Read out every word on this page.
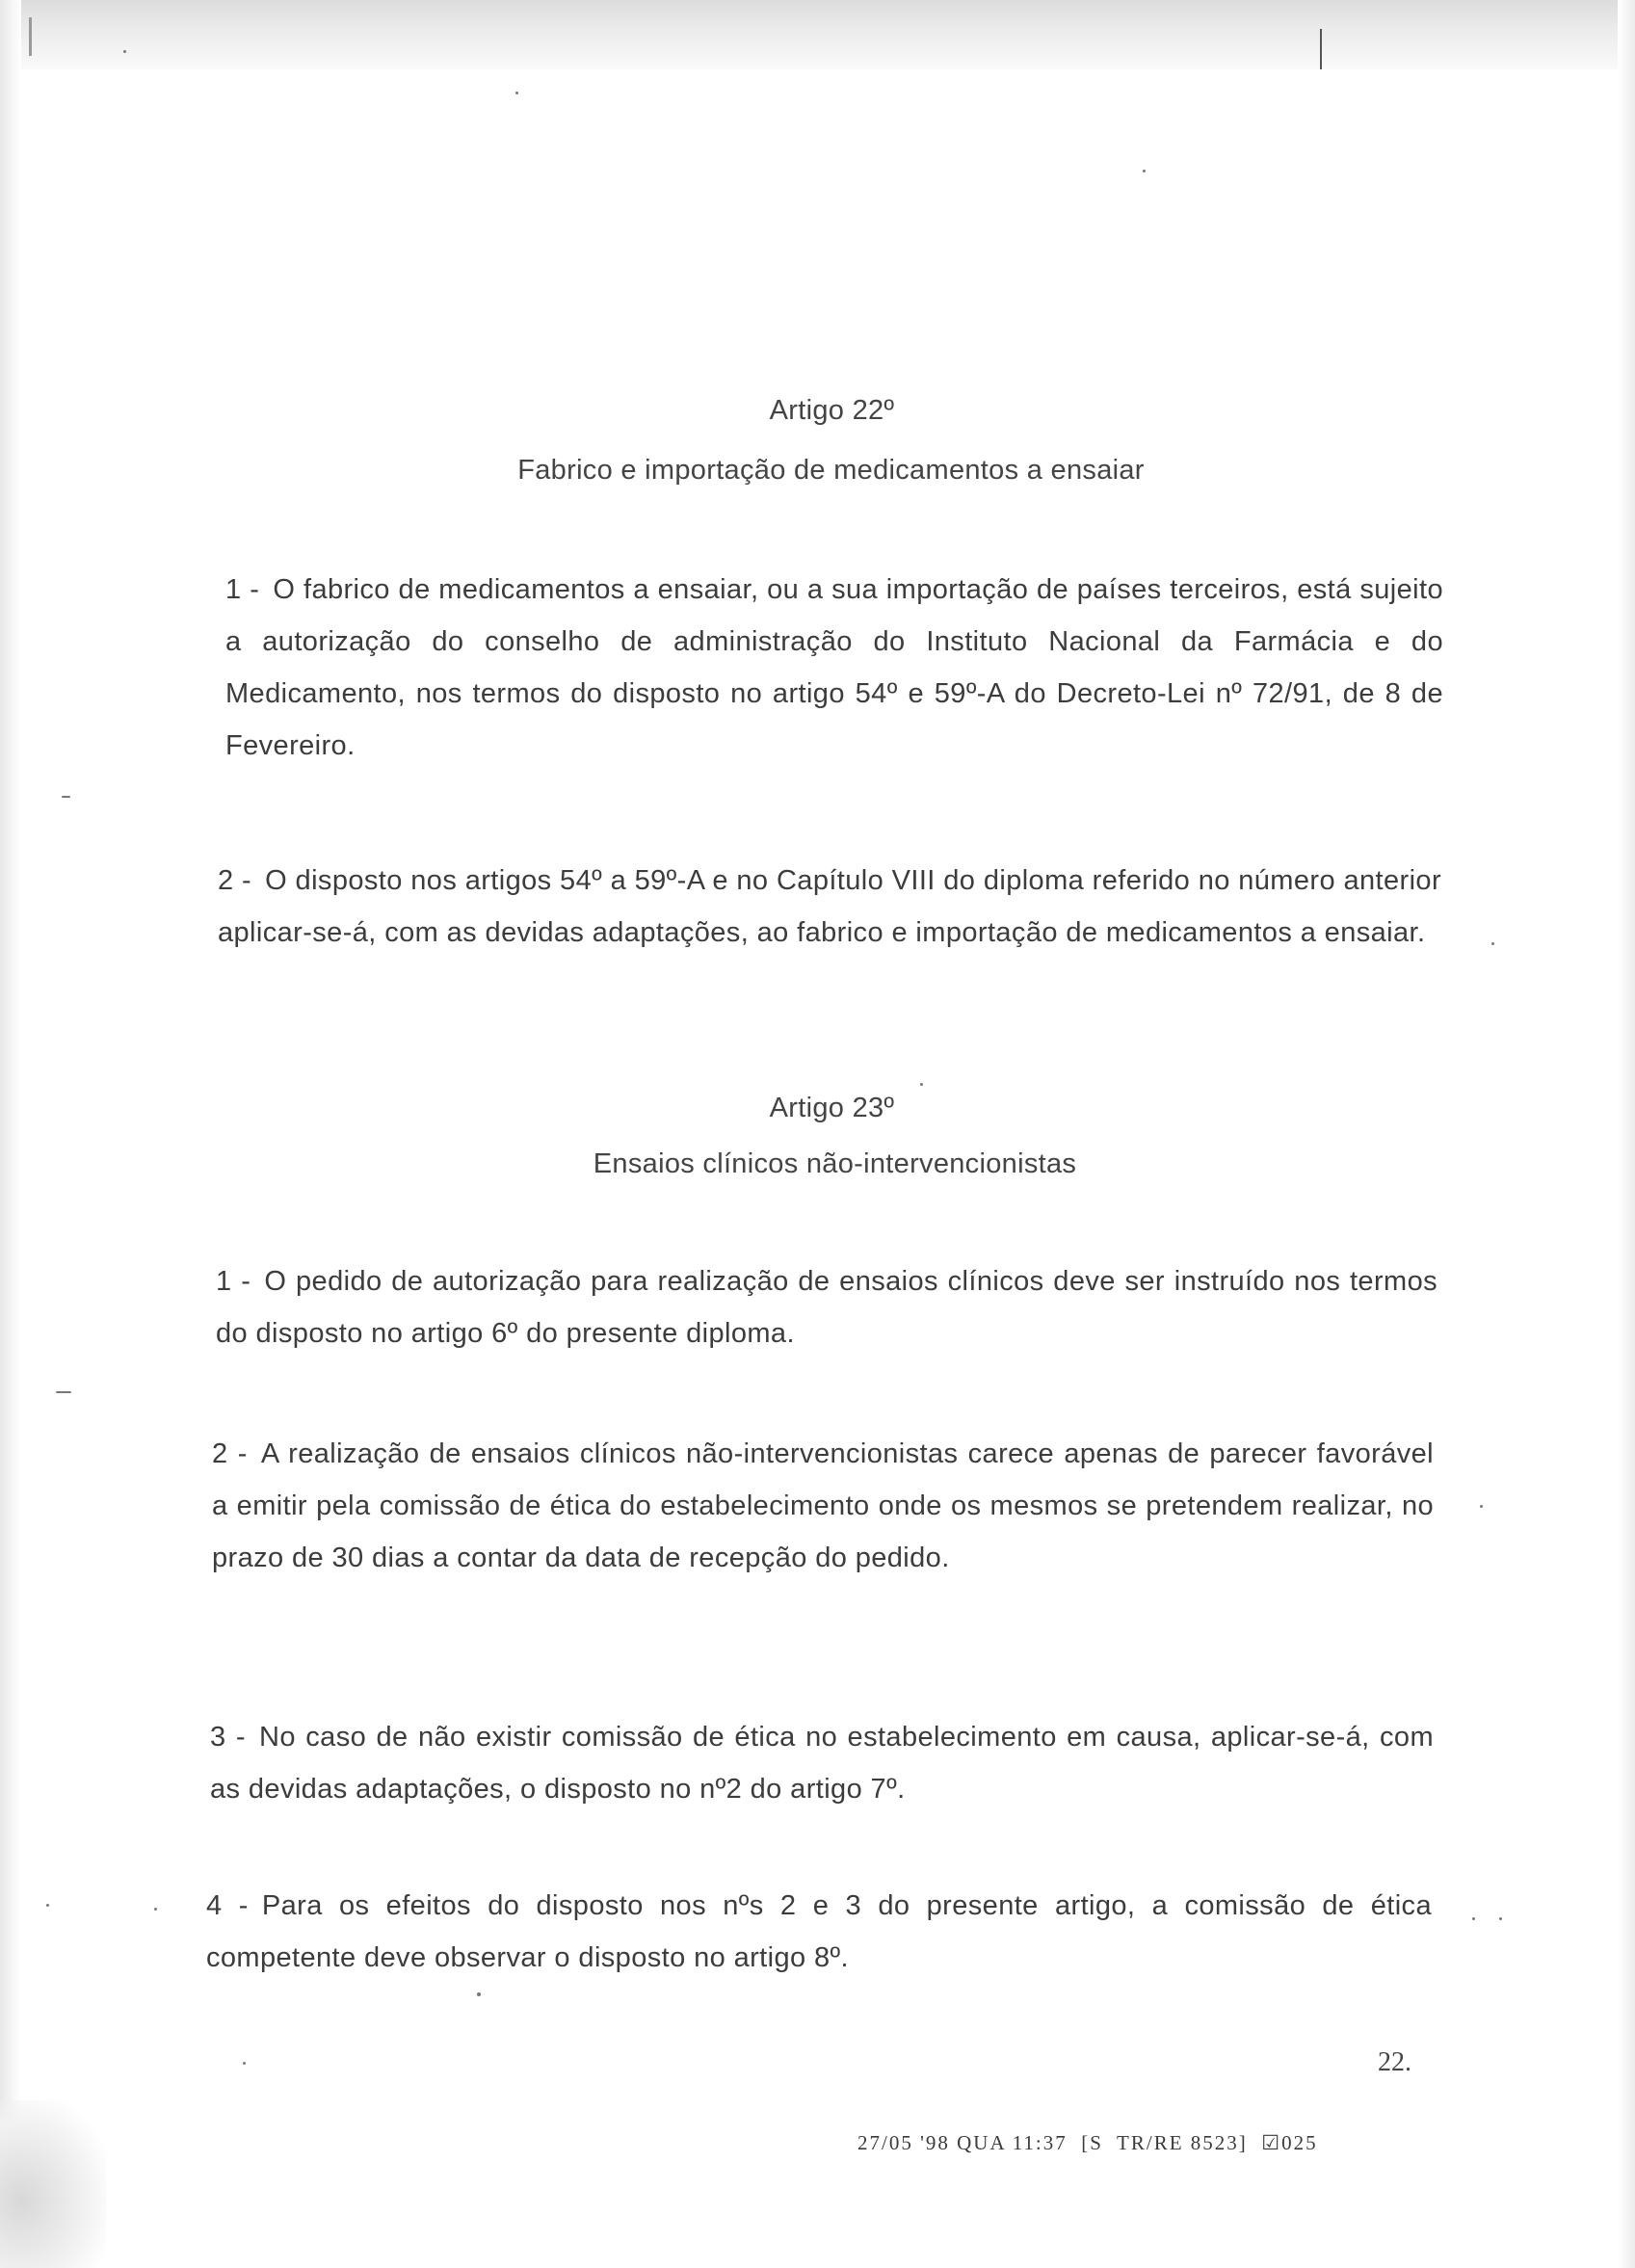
Artigo 22º
Fabrico e importação de medicamentos a ensaiar
1 - O fabrico de medicamentos a ensaiar, ou a sua importação de países terceiros, está sujeito a autorização do conselho de administração do Instituto Nacional da Farmácia e do Medicamento, nos termos do disposto no artigo 54º e 59º-A do Decreto-Lei nº 72/91, de 8 de Fevereiro.
2 - O disposto nos artigos 54º a 59º-A e no Capítulo VIII do diploma referido no número anterior aplicar-se-á, com as devidas adaptações, ao fabrico e importação de medicamentos a ensaiar.
Artigo 23º
Ensaios clínicos não-intervencionistas
1 - O pedido de autorização para realização de ensaios clínicos deve ser instruído nos termos do disposto no artigo 6º do presente diploma.
2 - A realização de ensaios clínicos não-intervencionistas carece apenas de parecer favorável a emitir pela comissão de ética do estabelecimento onde os mesmos se pretendem realizar, no prazo de 30 dias a contar da data de recepção do pedido.
3 - No caso de não existir comissão de ética no estabelecimento em causa, aplicar-se-á, com as devidas adaptações, o disposto no nº2 do artigo 7º.
4 - Para os efeitos do disposto nos nºs 2 e 3 do presente artigo, a comissão de ética competente deve observar o disposto no artigo 8º.
22.
27/05 '98 QUA 11:37  [S  TR/RE 8523]  ☑025
